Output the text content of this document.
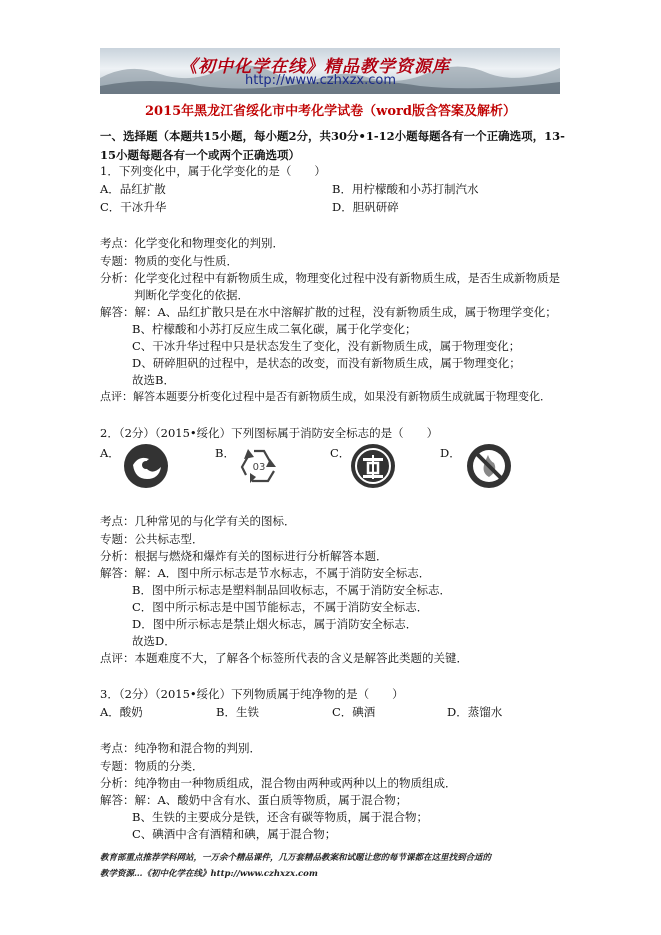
《初中化学在线》精品教学资源库
http://www.czhxzx.com
2015年黑龙江省绥化市中考化学试卷（word版含答案及解析）
一、选择题（本题共15小题，每小题2分，共30分•1-12小题每题各有一个正确选项，13-15小题每题各有一个或两个正确选项）
1．下列变化中，属于化学变化的是（　　）
A．品红扩散	B．用柠檬酸和小苏打制汽水
C．干冰升华	D．胆矾研碎
考点：化学变化和物理变化的判别．
专题：物质的变化与性质．
分析：化学变化过程中有新物质生成，物理变化过程中没有新物质生成，是否生成新物质是
判断化学变化的依据．
解答：解：A、品红扩散只是在水中溶解扩散的过程，没有新物质生成，属于物理学变化；
B、柠檬酸和小苏打反应生成二氧化碳，属于化学变化；
C、干冰升华过程中只是状态发生了变化，没有新物质生成，属于物理变化；
D、研碎胆矾的过程中，是状态的改变，而没有新物质生成，属于物理变化；
故选B．
点评：解答本题要分析变化过程中是否有新物质生成，如果没有新物质生成就属于物理变化．
2．（2分）（2015•绥化）下列图标属于消防安全标志的是（　　）
A．	B．	C．	D．
03
考点：几种常见的与化学有关的图标．
专题：公共标志型．
分析：根据与燃烧和爆炸有关的图标进行分析解答本题．
解答：解：A．图中所示标志是节水标志，不属于消防安全标志．
B．图中所示标志是塑料制品回收标志，不属于消防安全标志．
C．图中所示标志是中国节能标志，不属于消防安全标志．
D．图中所示标志是禁止烟火标志，属于消防安全标志．
故选D．
点评：本题难度不大，了解各个标签所代表的含义是解答此类题的关键．
3．（2分）（2015•绥化）下列物质属于纯净物的是（　　）
A．酸奶	B．生铁	C．碘酒	D．蒸馏水
考点：纯净物和混合物的判别．
专题：物质的分类．
分析：纯净物由一种物质组成，混合物由两种或两种以上的物质组成．
解答：解：A、酸奶中含有水、蛋白质等物质，属于混合物；
B、生铁的主要成分是铁，还含有碳等物质，属于混合物；
C、碘酒中含有酒精和碘，属于混合物；
教育部重点推荐学科网站，一万余个精品课件，几万套精品教案和试题让您的每节课都在这里找到合适的
教学资源…《初中化学在线》http://www.czhxzx.com
